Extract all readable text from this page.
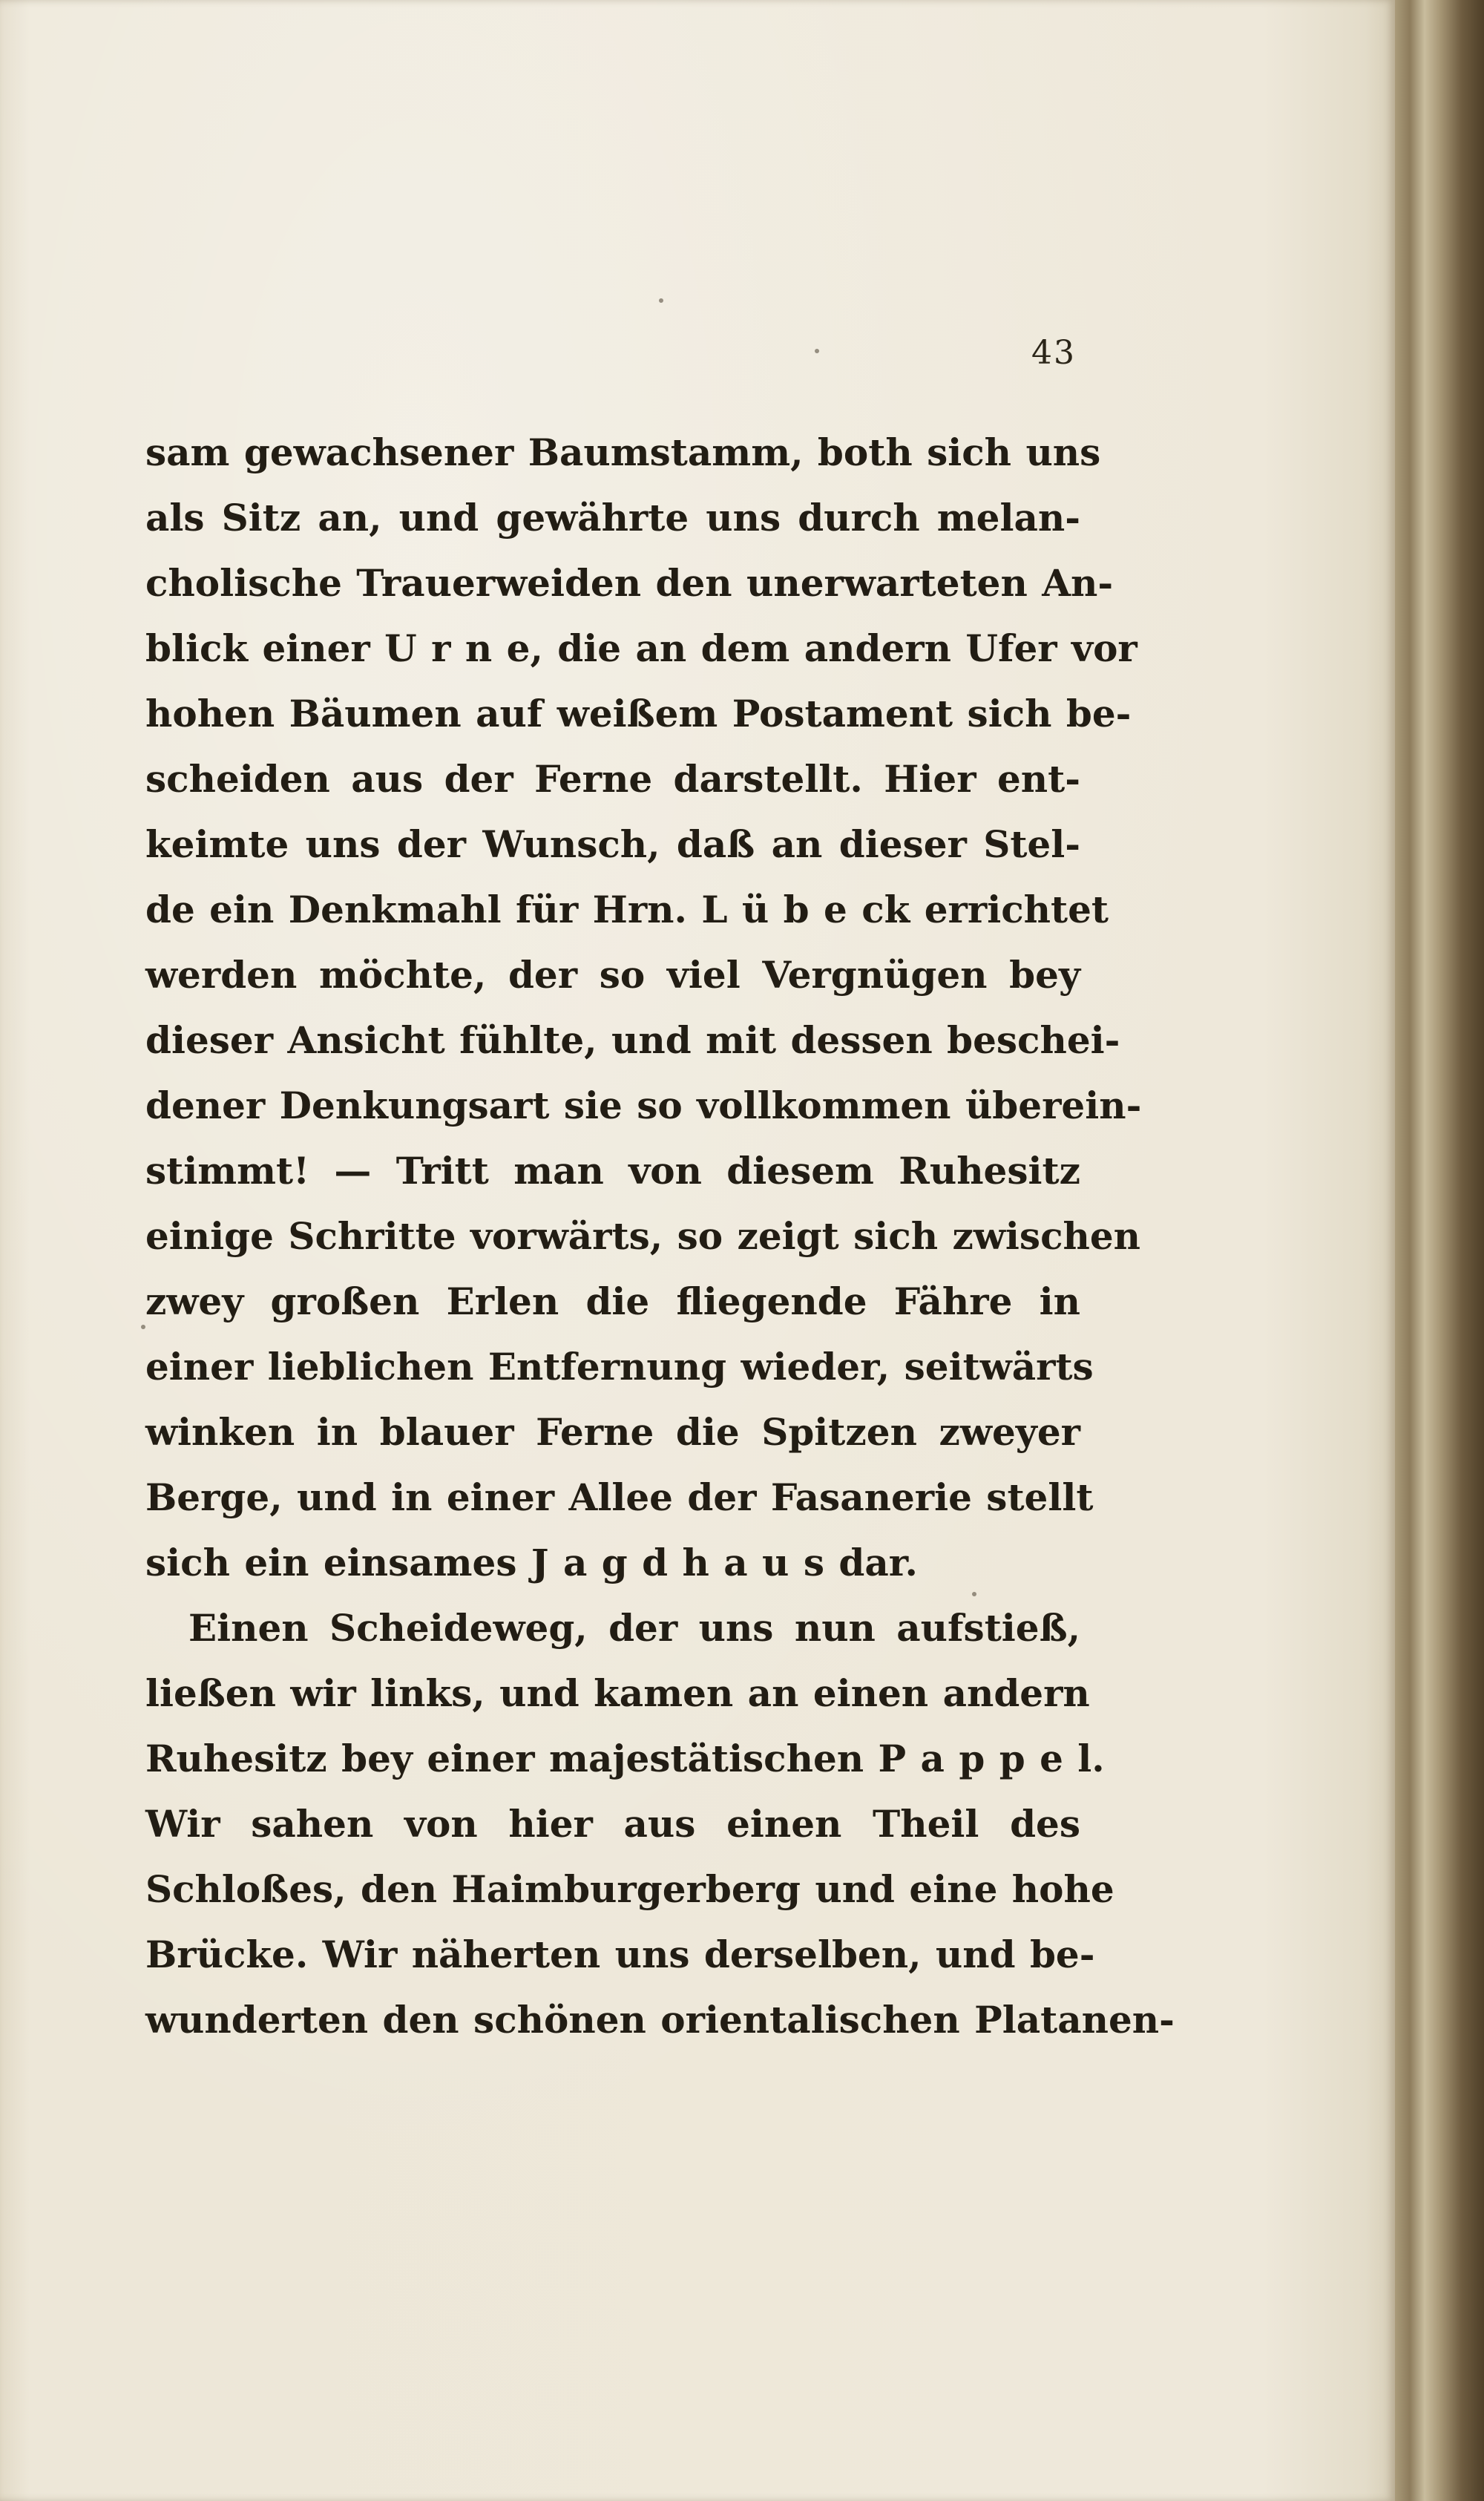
43
sam gewachsener Baumstamm, both sich uns
als Sitz an, und gewährte uns durch melan-
cholische Trauerweiden den unerwarteten An-
blick einer U r n e, die an dem andern Ufer vor
hohen Bäumen auf weißem Postament sich be-
scheiden aus der Ferne darstellt. Hier ent-
keimte uns der Wunsch, daß an dieser Stel-
de ein Denkmahl für Hrn. L ü b e ck errichtet
werden möchte, der so viel Vergnügen bey
dieser Ansicht fühlte, und mit dessen beschei-
dener Denkungsart sie so vollkommen überein-
stimmt! — Tritt man von diesem Ruhesitz
einige Schritte vorwärts, so zeigt sich zwischen
zwey großen Erlen die fliegende Fähre in
einer lieblichen Entfernung wieder, seitwärts
winken in blauer Ferne die Spitzen zweyer
Berge, und in einer Allee der Fasanerie stellt
sich ein einsames J a g d h a u s dar.
Einen Scheideweg, der uns nun aufstieß,
ließen wir links, und kamen an einen andern
Ruhesitz bey einer majestätischen P a p p e l.
Wir sahen von hier aus einen Theil des
Schloßes, den Haimburgerberg und eine hohe
Brücke. Wir näherten uns derselben, und be-
wunderten den schönen orientalischen Platanen-
